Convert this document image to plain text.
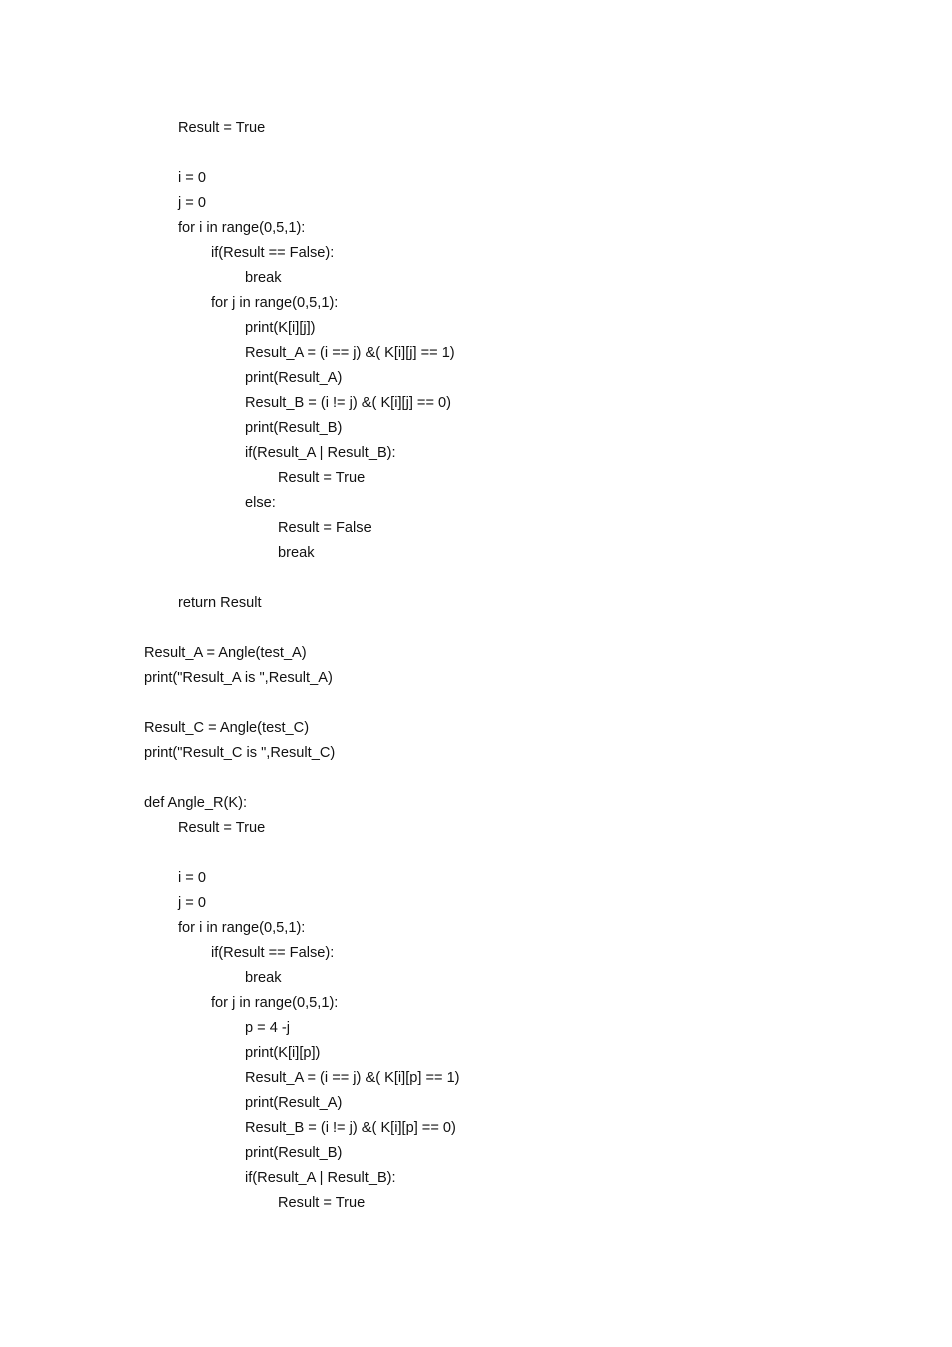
Result = True
i = 0
j = 0
for i in range(0,5,1):
if(Result == False):
break
for j in range(0,5,1):
print(K[i][j])
Result_A = (i == j) &( K[i][j] == 1)
print(Result_A)
Result_B = (i != j) &( K[i][j] == 0)
print(Result_B)
if(Result_A | Result_B):
Result = True
else:
Result = False
break
return Result
Result_A = Angle(test_A)
print("Result_A is ",Result_A)
Result_C = Angle(test_C)
print("Result_C is ",Result_C)
def Angle_R(K):
Result = True
i = 0
j = 0
for i in range(0,5,1):
if(Result == False):
break
for j in range(0,5,1):
p = 4 -j
print(K[i][p])
Result_A = (i == j) &( K[i][p] == 1)
print(Result_A)
Result_B = (i != j) &( K[i][p] == 0)
print(Result_B)
if(Result_A | Result_B):
Result = True
